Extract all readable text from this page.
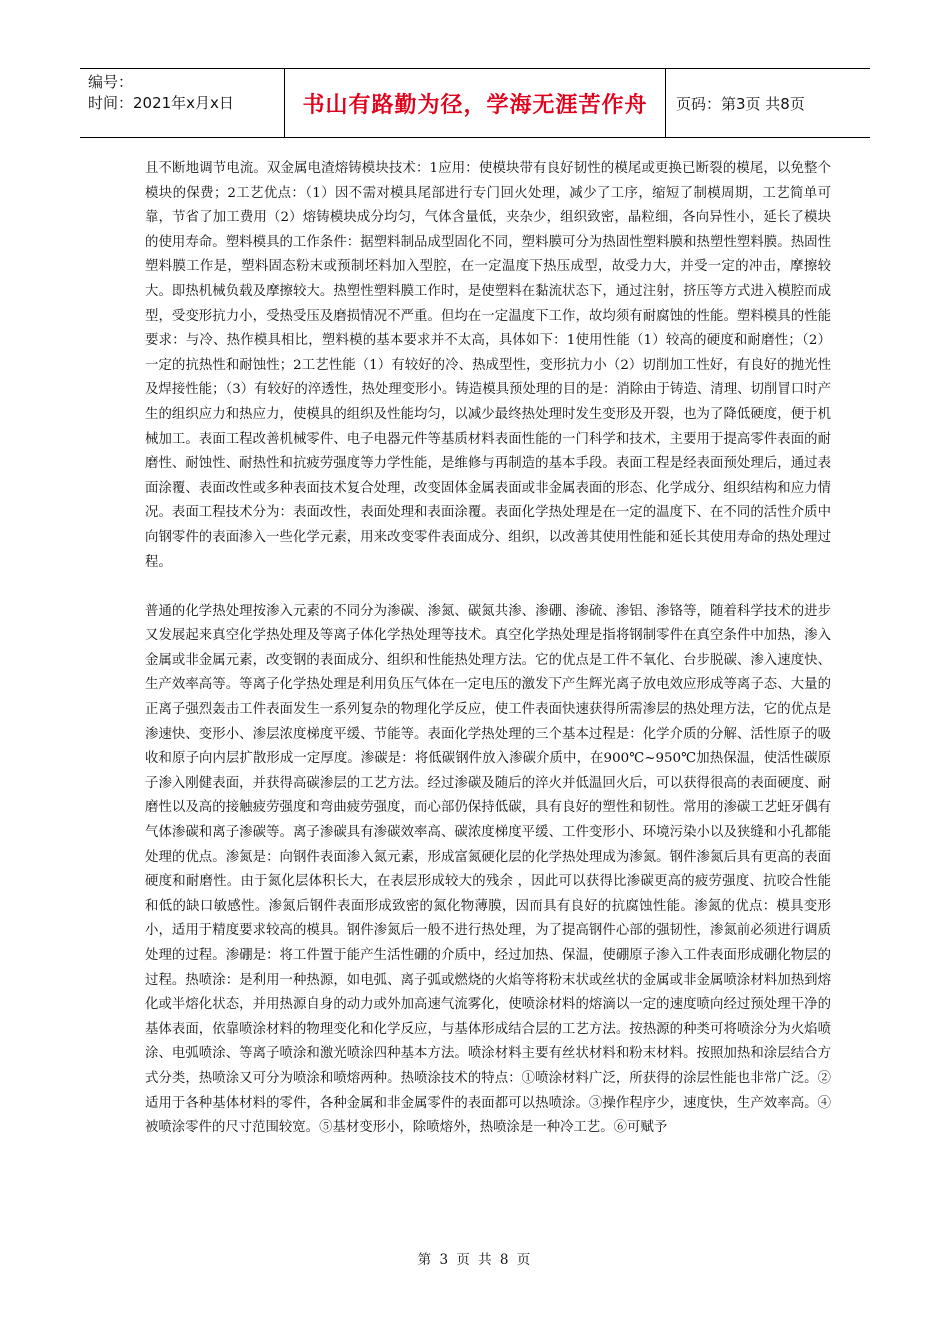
编号：
时间：2021年x月x日	书山有路勤为径，学海无涯苦作舟	页码：第3页 共8页

且不断地调节电流。双金属电渣熔铸模块技术：1应用：使模块带有良好韧性的模尾或更换已断裂的模尾，以免整个模块的保费；2工艺优点：（1）因不需对模具尾部进行专门回火处理，减少了工序，缩短了制模周期，工艺简单可靠，节省了加工费用（2）熔铸模块成分均匀，气体含量低，夹杂少，组织致密，晶粒细，各向异性小，延长了模块的使用寿命。塑料模具的工作条件：据塑料制品成型固化不同，塑料膜可分为热固性塑料膜和热塑性塑料膜。热固性塑料膜工作是，塑料固态粉末或预制坯料加入型腔，在一定温度下热压成型，故受力大，并受一定的冲击，摩擦较大。即热机械负载及摩擦较大。热塑性塑料膜工作时，是使塑料在黏流状态下，通过注射，挤压等方式进入模腔而成型，受变形抗力小，受热受压及磨损情况不严重。但均在一定温度下工作，故均须有耐腐蚀的性能。塑料模具的性能要求：与冷、热作模具相比，塑料模的基本要求并不太高，具体如下：1使用性能（1）较高的硬度和耐磨性；（2）一定的抗热性和耐蚀性；2工艺性能（1）有较好的冷、热成型性，变形抗力小（2）切削加工性好，有良好的抛光性及焊接性能；（3）有较好的淬透性，热处理变形小。铸造模具预处理的目的是：消除由于铸造、清理、切削冒口时产生的组织应力和热应力，使模具的组织及性能均匀，以减少最终热处理时发生变形及开裂，也为了降低硬度，便于机械加工。表面工程改善机械零件、电子电器元件等基质材料表面性能的一门科学和技术，主要用于提高零件表面的耐磨性、耐蚀性、耐热性和抗疲劳强度等力学性能，是维修与再制造的基本手段。表面工程是经表面预处理后，通过表面涂覆、表面改性或多种表面技术复合处理，改变固体金属表面或非金属表面的形态、化学成分、组织结构和应力情况。表面工程技术分为：表面改性，表面处理和表面涂覆。表面化学热处理是在一定的温度下、在不同的活性介质中向钢零件的表面渗入一些化学元素，用来改变零件表面成分、组织，以改善其使用性能和延长其使用寿命的热处理过程。

普通的化学热处理按渗入元素的不同分为渗碳、渗氮、碳氮共渗、渗硼、渗硫、渗铝、渗铬等，随着科学技术的进步又发展起来真空化学热处理及等离子体化学热处理等技术。真空化学热处理是指将钢制零件在真空条件中加热，渗入金属或非金属元素，改变钢的表面成分、组织和性能热处理方法。它的优点是工件不氧化、台步脱碳、渗入速度快、生产效率高等。等离子化学热处理是利用负压气体在一定电压的激发下产生辉光离子放电效应形成等离子态、大量的正离子强烈轰击工件表面发生一系列复杂的物理化学反应，使工件表面快速获得所需渗层的热处理方法，它的优点是渗速快、变形小、渗层浓度梯度平缓、节能等。表面化学热处理的三个基本过程是：化学介质的分解、活性原子的吸收和原子向内层扩散形成一定厚度。渗碳是：将低碳钢件放入渗碳介质中，在900℃~950℃加热保温，使活性碳原子渗入刚健表面，并获得高碳渗层的工艺方法。经过渗碳及随后的淬火并低温回火后，可以获得很高的表面硬度、耐磨性以及高的接触疲劳强度和弯曲疲劳强度，而心部仍保持低碳，具有良好的塑性和韧性。常用的渗碳工艺蚟牙偶有气体渗碳和离子渗碳等。离子渗碳具有渗碳效率高、碳浓度梯度平缓、工件变形小、环境污染小以及狭缝和小孔都能处理的优点。渗氮是：向钢件表面渗入氮元素，形成富氮硬化层的化学热处理成为渗氮。钢件渗氮后具有更高的表面硬度和耐磨性。由于氮化层体积长大，在表层形成较大的残余 ，因此可以获得比渗碳更高的疲劳强度、抗咬合性能和低的缺口敏感性。渗氮后钢件表面形成致密的氮化物薄膜，因而具有良好的抗腐蚀性能。渗氮的优点：模具变形小，适用于精度要求较高的模具。钢件渗氮后一般不进行热处理，为了提高钢件心部的强韧性，渗氮前必须进行调质处理的过程。渗硼是：将工件置于能产生活性硼的介质中，经过加热、保温，使硼原子渗入工件表面形成硼化物层的过程。热喷涂：是利用一种热源，如电弧、离子弧或燃烧的火焰等将粉末状或丝状的金属或非金属喷涂材料加热到熔化或半熔化状态，并用热源自身的动力或外加高速气流雾化，使喷涂材料的熔滴以一定的速度喷向经过预处理干净的基体表面，依靠喷涂材料的物理变化和化学反应，与基体形成结合层的工艺方法。按热源的种类可将喷涂分为火焰喷涂、电弧喷涂、等离子喷涂和激光喷涂四种基本方法。喷涂材料主要有丝状材料和粉末材料。按照加热和涂层结合方式分类，热喷涂又可分为喷涂和喷熔两种。热喷涂技术的特点：①喷涂材料广泛，所获得的涂层性能也非常广泛。②适用于各种基体材料的零件，各种金属和非金属零件的表面都可以热喷涂。③操作程序少，速度快，生产效率高。④被喷涂零件的尺寸范围较宽。⑤基材变形小，除喷熔外，热喷涂是一种冷工艺。⑥可赋予

第 3 页 共 8 页
